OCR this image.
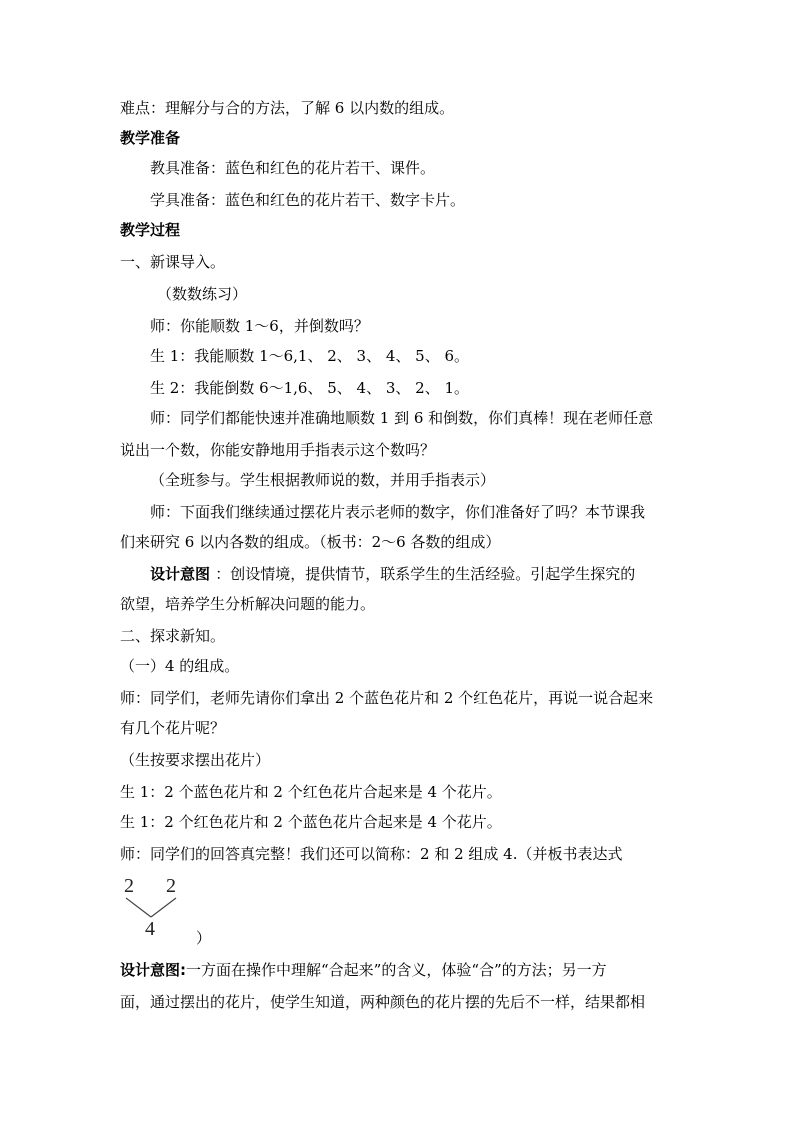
难点：理解分与合的方法，了解 6 以内数的组成。
教学准备
教具准备：蓝色和红色的花片若干、课件。
学具准备：蓝色和红色的花片若干、数字卡片。
教学过程
一、新课导入。
（数数练习）
师：你能顺数 1～6，并倒数吗？
生 1：我能顺数 1～6,1、 2、 3、 4、 5、 6。
生 2：我能倒数 6～1,6、 5、 4、 3、 2、 1。
师：同学们都能快速并准确地顺数 1 到 6 和倒数，你们真棒！现在老师任意
说出一个数，你能安静地用手指表示这个数吗？
（全班参与。学生根据教师说的数，并用手指表示）
师：下面我们继续通过摆花片表示老师的数字，你们准备好了吗？本节课我
们来研究 6 以内各数的组成。（板书：2～6 各数的组成）
设计意图 ：创设情境，提供情节，联系学生的生活经验。引起学生探究的
欲望，培养学生分析解决问题的能力。
二、探求新知。
（一）4 的组成。
师：同学们，老师先请你们拿出 2 个蓝色花片和 2 个红色花片，再说一说合起来
有几个花片呢？
（生按要求摆出花片）
生 1：2 个蓝色花片和 2 个红色花片合起来是 4 个花片。
生 1：2 个红色花片和 2 个蓝色花片合起来是 4 个花片。
师：同学们的回答真完整！我们还可以简称：2 和 2 组成 4.（并板书表达式
2 2
4	）
设计意图:一方面在操作中理解“合起来”的含义，体验“合”的方法；另一方
面，通过摆出的花片，使学生知道，两种颜色的花片摆的先后不一样，结果都相
